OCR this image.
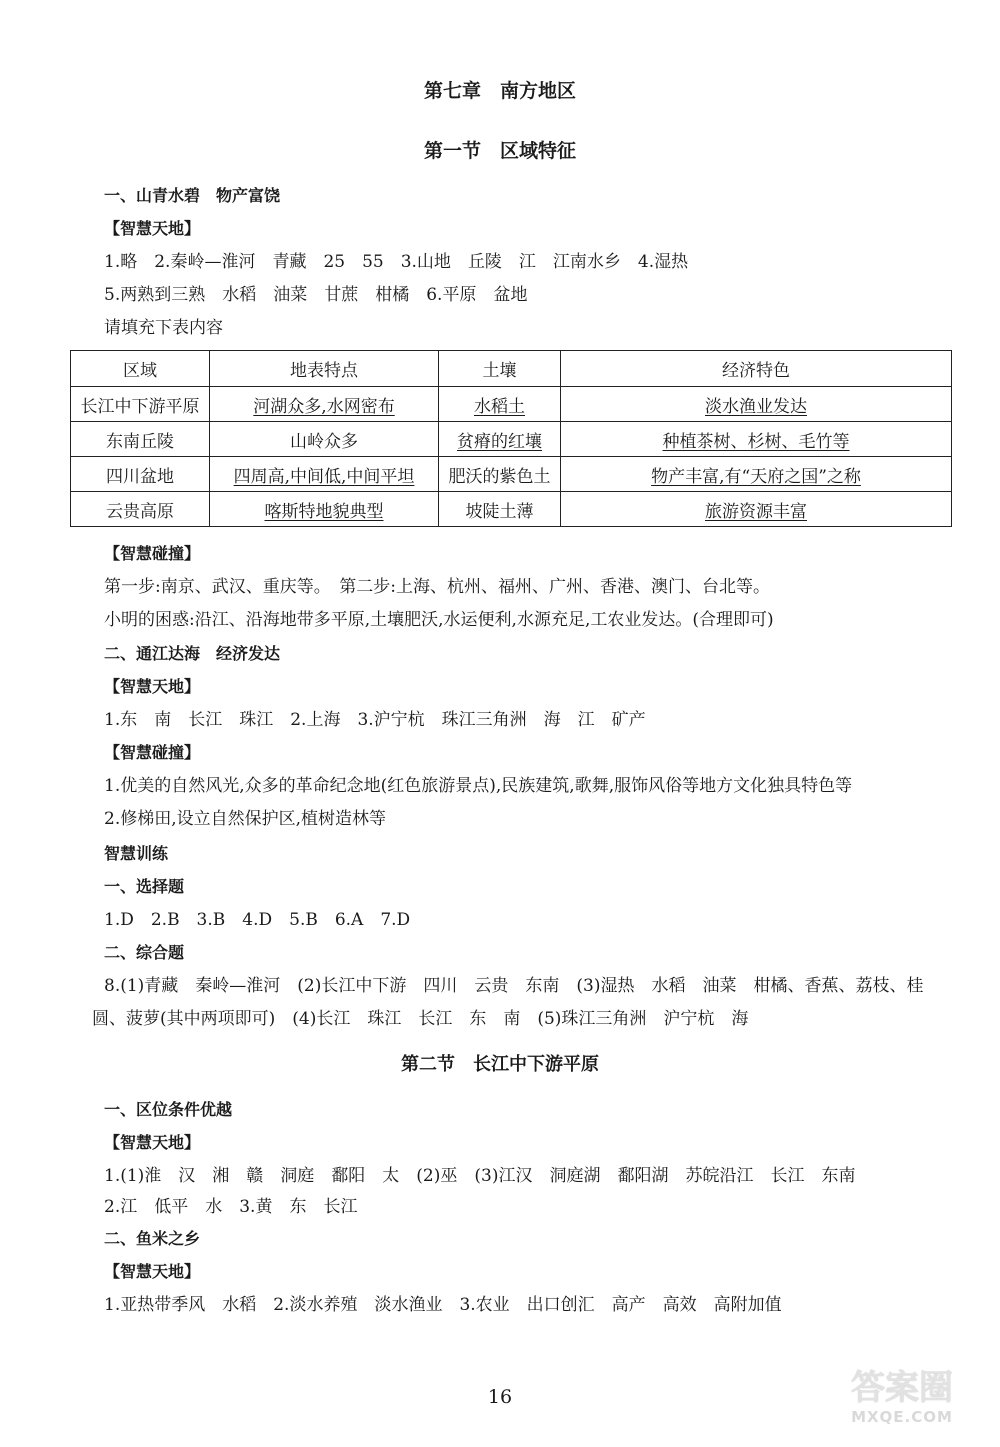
第七章　南方地区
第一节　区域特征
一、山青水碧　物产富饶
【智慧天地】
1.略　2.秦岭—淮河　青藏　25　55　3.山地　丘陵　江　江南水乡　4.湿热
5.两熟到三熟　水稻　油菜　甘蔗　柑橘　6.平原　盆地
请填充下表内容
区域	地表特点	土壤	经济特色
长江中下游平原	河湖众多,水网密布	水稻土	淡水渔业发达
东南丘陵	山岭众多	贫瘠的红壤	种植茶树、杉树、毛竹等
四川盆地	四周高,中间低,中间平坦	肥沃的紫色土	物产丰富,有“天府之国”之称
云贵高原	喀斯特地貌典型	坡陡土薄	旅游资源丰富
【智慧碰撞】
第一步:南京、武汉、重庆等。　第二步:上海、杭州、福州、广州、香港、澳门、台北等。
小明的困惑:沿江、沿海地带多平原,土壤肥沃,水运便利,水源充足,工农业发达。(合理即可)
二、通江达海　经济发达
【智慧天地】
1.东　南　长江　珠江　2.上海　3.沪宁杭　珠江三角洲　海　江　矿产
【智慧碰撞】
1.优美的自然风光,众多的革命纪念地(红色旅游景点),民族建筑,歌舞,服饰风俗等地方文化独具特色等
2.修梯田,设立自然保护区,植树造林等
智慧训练
一、选择题
1.D　2.B　3.B　4.D　5.B　6.A　7.D
二、综合题
8.(1)青藏　秦岭—淮河　(2)长江中下游　四川　云贵　东南　(3)湿热　水稻　油菜　柑橘、香蕉、荔枝、桂
圆、菠萝(其中两项即可)　(4)长江　珠江　长江　东　南　(5)珠江三角洲　沪宁杭　海
第二节　长江中下游平原
一、区位条件优越
【智慧天地】
1.(1)淮　汉　湘　赣　洞庭　鄱阳　太　(2)巫　(3)江汉　洞庭湖　鄱阳湖　苏皖沿江　长江　东南
2.江　低平　水　3.黄　东　长江
二、鱼米之乡
【智慧天地】
1.亚热带季风　水稻　2.淡水养殖　淡水渔业　3.农业　出口创汇　高产　高效　高附加值
16	答案圈
MXQE.COM
